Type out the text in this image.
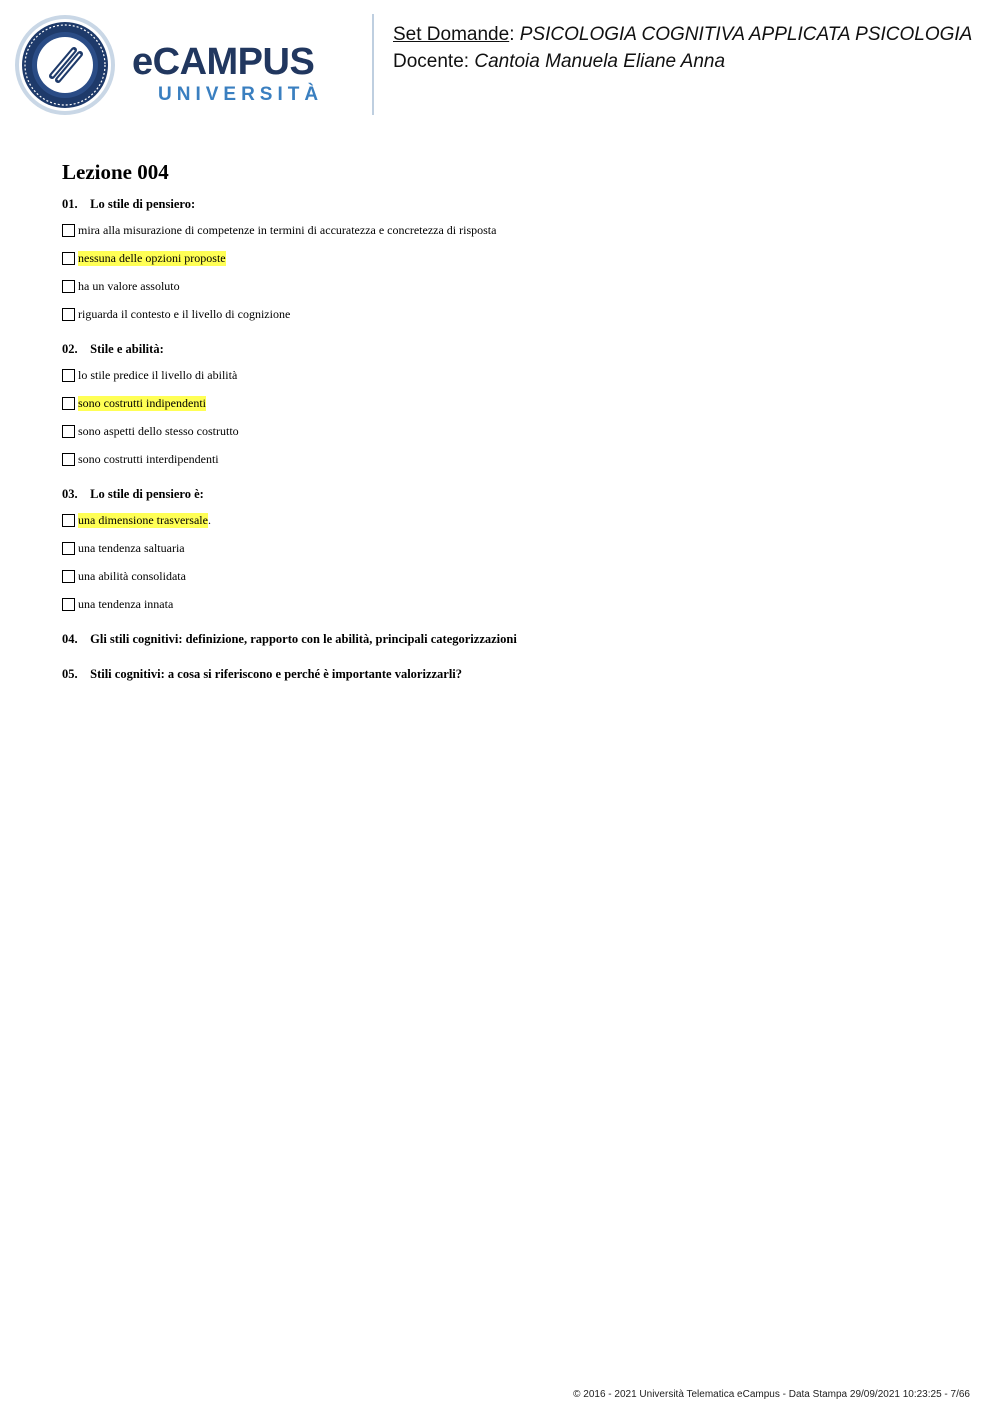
eCAMPUS
UNIVERSITÀ
Set Domande: PSICOLOGIA COGNITIVA APPLICATA PSICOLOGIA
Docente: Cantoia Manuela Eliane Anna
Lezione 004
01. Lo stile di pensiero:
mira alla misurazione di competenze in termini di accuratezza e concretezza di risposta
nessuna delle opzioni proposte
ha un valore assoluto
riguarda il contesto e il livello di cognizione
02. Stile e abilità:
lo stile predice il livello di abilità
sono costrutti indipendenti
sono aspetti dello stesso costrutto
sono costrutti interdipendenti
03. Lo stile di pensiero è:
una dimensione trasversale .
una tendenza saltuaria
una abilità consolidata
una tendenza innata
04. Gli stili cognitivi: definizione, rapporto con le abilità, principali categorizzazioni
05. Stili cognitivi: a cosa si riferiscono e perché è importante valorizzarli?
© 2016 - 2021 Università Telematica eCampus - Data Stampa 29/09/2021 10:23:25 - 7/66
